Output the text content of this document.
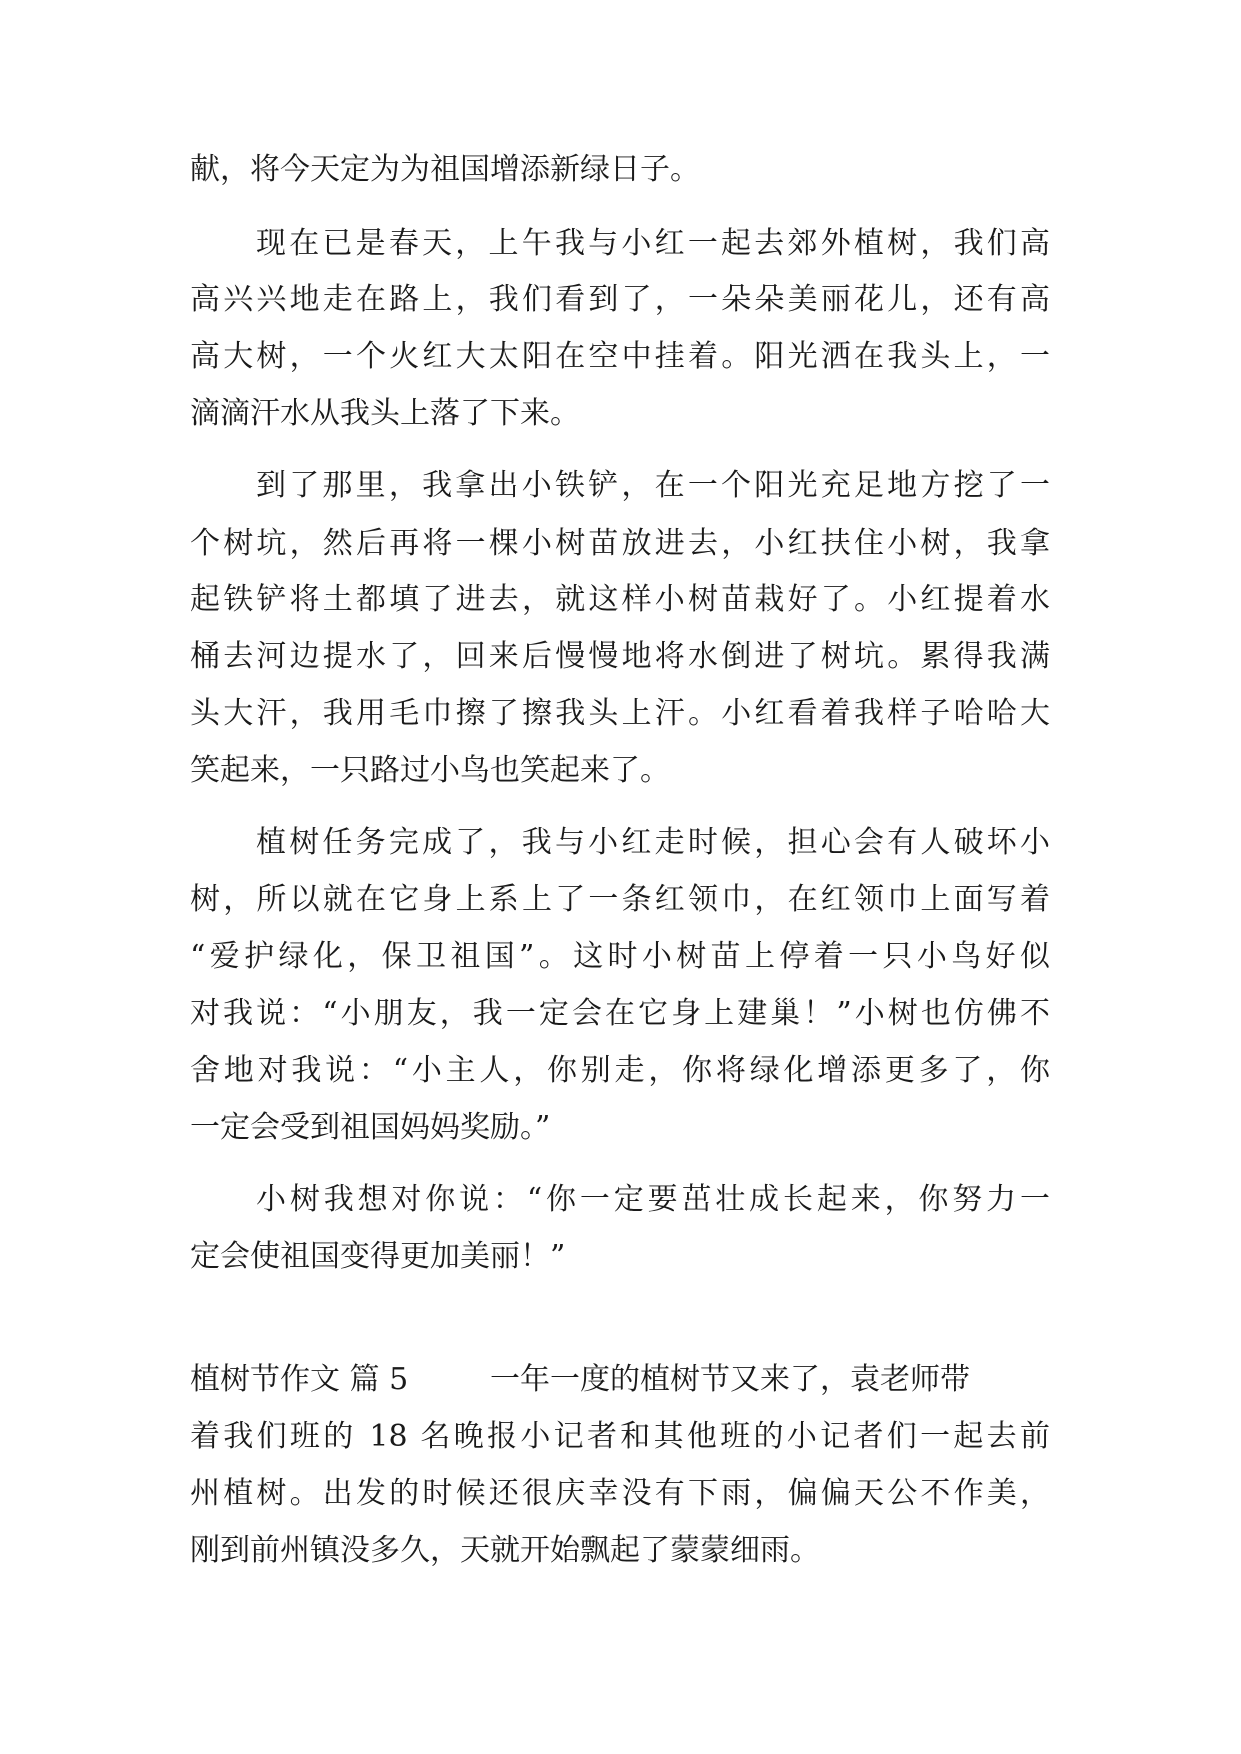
献，将今天定为为祖国增添新绿日子。
现在已是春天，上午我与小红一起去郊外植树，我们高
高兴兴地走在路上，我们看到了，一朵朵美丽花儿，还有高
高大树，一个火红大太阳在空中挂着。阳光洒在我头上，一
滴滴汗水从我头上落了下来。
到了那里，我拿出小铁铲，在一个阳光充足地方挖了一
个树坑，然后再将一棵小树苗放进去，小红扶住小树，我拿
起铁铲将土都填了进去，就这样小树苗栽好了。小红提着水
桶去河边提水了，回来后慢慢地将水倒进了树坑。累得我满
头大汗，我用毛巾擦了擦我头上汗。小红看着我样子哈哈大
笑起来，一只路过小鸟也笑起来了。
植树任务完成了，我与小红走时候，担心会有人破坏小
树，所以就在它身上系上了一条红领巾，在红领巾上面写着
“爱护绿化，保卫祖国”。这时小树苗上停着一只小鸟好似
对我说：“小朋友，我一定会在它身上建巢！”小树也仿佛不
舍地对我说：“小主人，你别走，你将绿化增添更多了，你
一定会受到祖国妈妈奖励。”
小树我想对你说：“你一定要茁壮成长起来，你努力一
定会使祖国变得更加美丽！”
植树节作文 篇 5	一年一度的植树节又来了，袁老师带
着我们班的 18 名晚报小记者和其他班的小记者们一起去前
州植树。出发的时候还很庆幸没有下雨，偏偏天公不作美，
刚到前州镇没多久，天就开始飘起了蒙蒙细雨。
